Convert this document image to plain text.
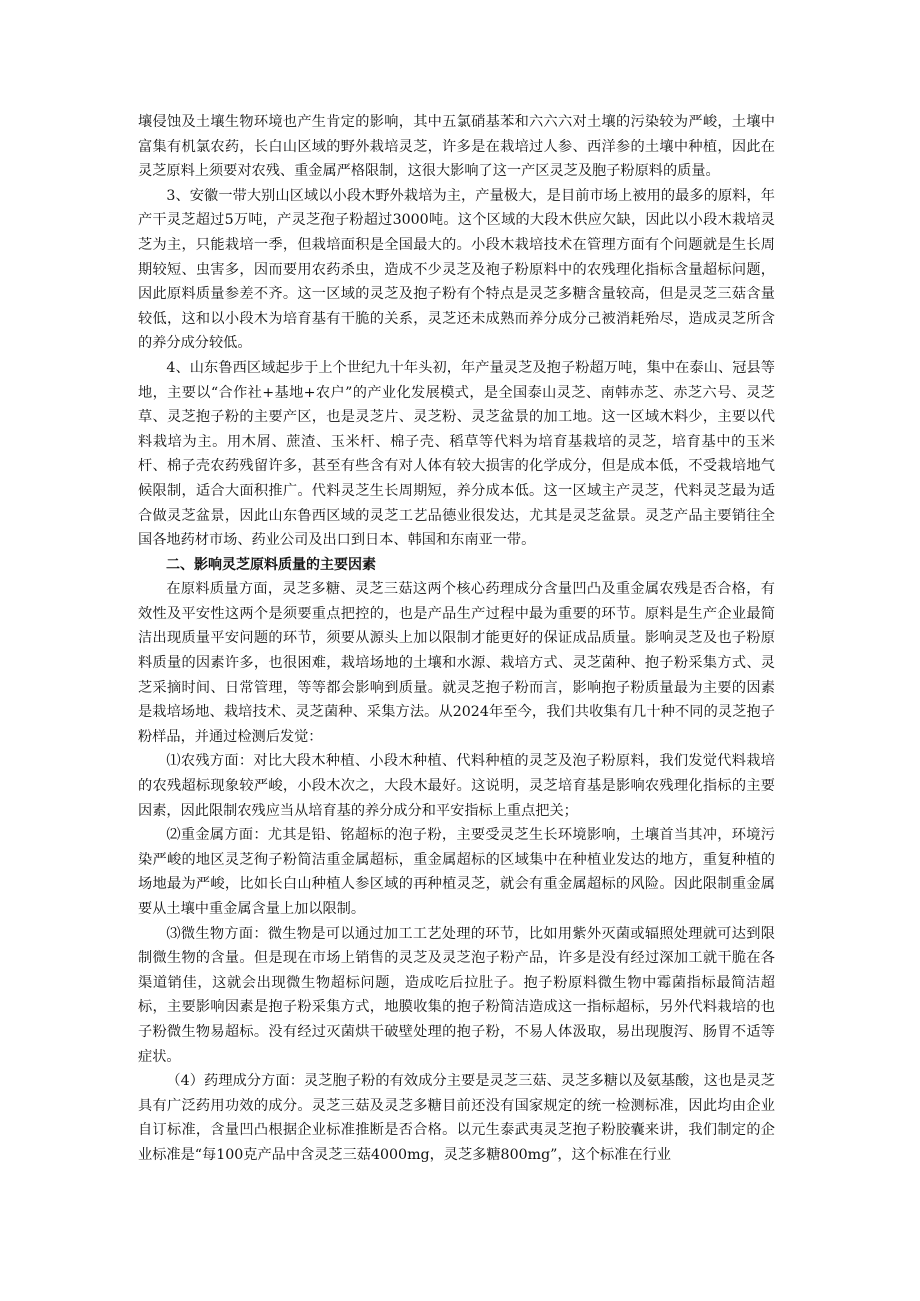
壤侵蚀及土壤生物环境也产生肯定的影响，其中五氯硝基苯和六六六对土壤的污染较为严峻，土壤中富集有机氯农药，长白山区域的野外栽培灵芝，许多是在栽培过人参、西洋参的土壤中种植，因此在灵芝原料上须要对农残、重金属严格限制，这很大影响了这一产区灵芝及胞子粉原料的质量。

3、安徽一带大别山区域以小段木野外栽培为主，产量极大，是目前市场上被用的最多的原料，年产干灵芝超过5万吨，产灵芝孢子粉超过3000吨。这个区域的大段木供应欠缺，因此以小段木栽培灵芝为主，只能栽培一季，但栽培面积是全国最大的。小段木栽培技术在管理方面有个问题就是生长周期较短、虫害多，因而要用农药杀虫，造成不少灵芝及袍子粉原料中的农残理化指标含量超标问题，因此原料质量参差不齐。这一区域的灵芝及抱子粉有个特点是灵芝多糖含量较高，但是灵芝三菇含量较低，这和以小段木为培育基有干脆的关系，灵芝还未成熟而养分成分己被消耗殆尽，造成灵芝所含的养分成分较低。

4、山东鲁西区域起步于上个世纪九十年头初，年产量灵芝及抱子粉超万吨，集中在泰山、冠县等地，主要以“合作社+基地+农户”的产业化发展模式，是全国泰山灵芝、南韩赤芝、赤芝六号、灵芝草、灵芝抱子粉的主要产区，也是灵芝片、灵芝粉、灵芝盆景的加工地。这一区域木料少，主要以代料栽培为主。用木屑、蔗渣、玉米杆、棉子壳、稻草等代料为培育基栽培的灵芝，培育基中的玉米杆、棉子壳农药残留许多，甚至有些含有对人体有较大损害的化学成分，但是成本低，不受栽培地气候限制，适合大面积推广。代料灵芝生长周期短，养分成本低。这一区域主产灵芝，代料灵芝最为适合做灵芝盆景，因此山东鲁西区域的灵芝工艺品德业很发达，尤其是灵芝盆景。灵芝产品主要销往全国各地药材市场、药业公司及出口到日本、韩国和东南亚一带。

二、影响灵芝原料质量的主要因素

在原料质量方面，灵芝多糖、灵芝三菇这两个核心药理成分含量凹凸及重金属农残是否合格，有效性及平安性这两个是须要重点把控的，也是产品生产过程中最为重要的环节。原料是生产企业最简洁出现质量平安问题的环节，须要从源头上加以限制才能更好的保证成品质量。影响灵芝及也子粉原料质量的因素许多，也很困难，栽培场地的土壤和水源、栽培方式、灵芝菌种、抱子粉采集方式、灵芝采摘时间、日常管理，等等都会影响到质量。就灵芝抱子粉而言，影响抱子粉质量最为主要的因素是栽培场地、栽培技术、灵芝菌种、采集方法。从2024年至今，我们共收集有几十种不同的灵芝抱子粉样品，并通过检测后发觉：

⑴农残方面：对比大段木种植、小段木种植、代料种植的灵芝及泡子粉原料，我们发觉代料栽培的农残超标现象较严峻，小段木次之，大段木最好。这说明，灵芝培育基是影响农残理化指标的主要因素，因此限制农残应当从培育基的养分成分和平安指标上重点把关；

⑵重金属方面：尤其是铅、铭超标的泡子粉，主要受灵芝生长环境影响，土壤首当其冲，环境污染严峻的地区灵芝徇子粉简洁重金属超标，重金属超标的区域集中在种植业发达的地方，重复种植的场地最为严峻，比如长白山种植人参区域的再种植灵芝，就会有重金属超标的风险。因此限制重金属要从土壤中重金属含量上加以限制。

⑶微生物方面：微生物是可以通过加工工艺处理的环节，比如用紫外灭菌或辐照处理就可达到限制微生物的含量。但是现在市场上销售的灵芝及灵芝泡子粉产品，许多是没有经过深加工就干脆在各渠道销佳，这就会出现微生物超标问题，造成吃后拉肚子。抱子粉原料微生物中霉菌指标最简洁超标，主要影响因素是抱子粉采集方式，地膜收集的抱子粉简洁造成这一指标超标，另外代料栽培的也子粉微生物易超标。没有经过灭菌烘干破壁处理的抱子粉，不易人体汲取，易出现腹泻、肠胃不适等症状。

（4）药理成分方面：灵芝胞子粉的有效成分主要是灵芝三菇、灵芝多糖以及氨基酸，这也是灵芝具有广泛药用功效的成分。灵芝三菇及灵芝多糖目前还没有国家规定的统一检测标准，因此均由企业自订标准，含量凹凸根据企业标准推断是否合格。以元生泰武夷灵芝抱子粉胶囊来讲，我们制定的企业标准是“每100克产品中含灵芝三菇4000mg，灵芝多糖800mg”，这个标准在行业
